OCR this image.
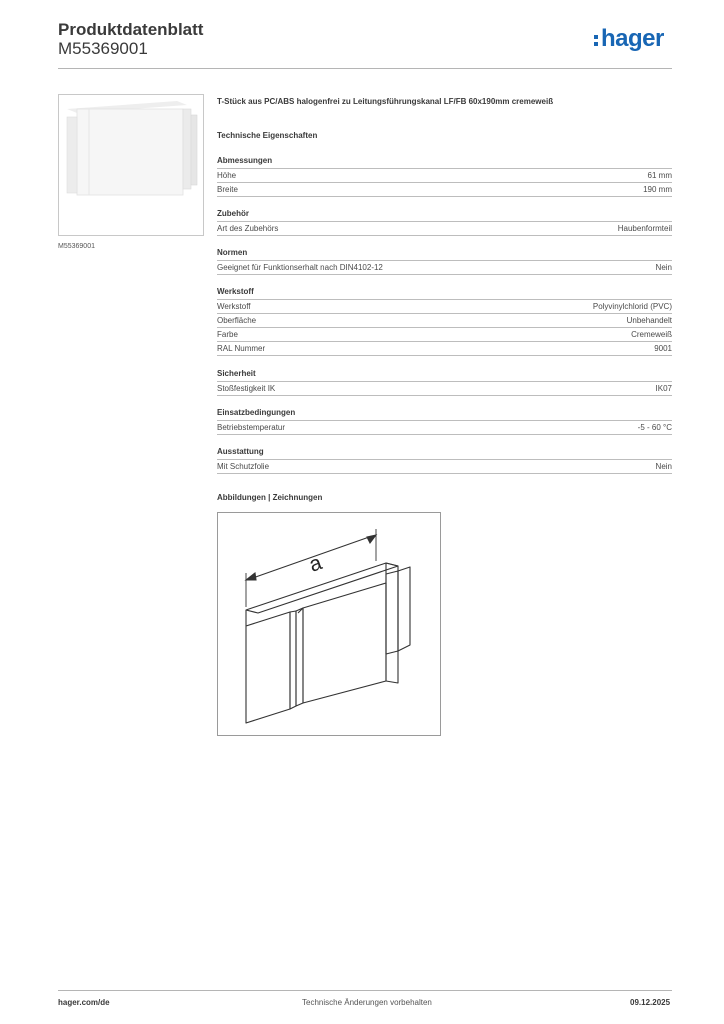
Produktdatenblatt
M55369001	hager
M55369001
T-Stück aus PC/ABS halogenfrei zu Leitungsführungskanal LF/FB 60x190mm cremeweiß
Technische Eigenschaften
Abmessungen
Höhe	61 mm
Breite	190 mm
Zubehör
Art des Zubehörs	Haubenformteil
Normen
Geeignet für Funktionserhalt nach DIN4102-12	Nein
Werkstoff
Werkstoff	Polyvinylchlorid (PVC)
Oberfläche	Unbehandelt
Farbe	Cremeweiß
RAL Nummer	9001
Sicherheit
Stoßfestigkeit IK	IK07
Einsatzbedingungen
Betriebstemperatur	-5 - 60 °C
Ausstattung
Mit Schutzfolie	Nein
Abbildungen | Zeichnungen
a
hager.com/de	Technische Änderungen vorbehalten	09.12.2025
